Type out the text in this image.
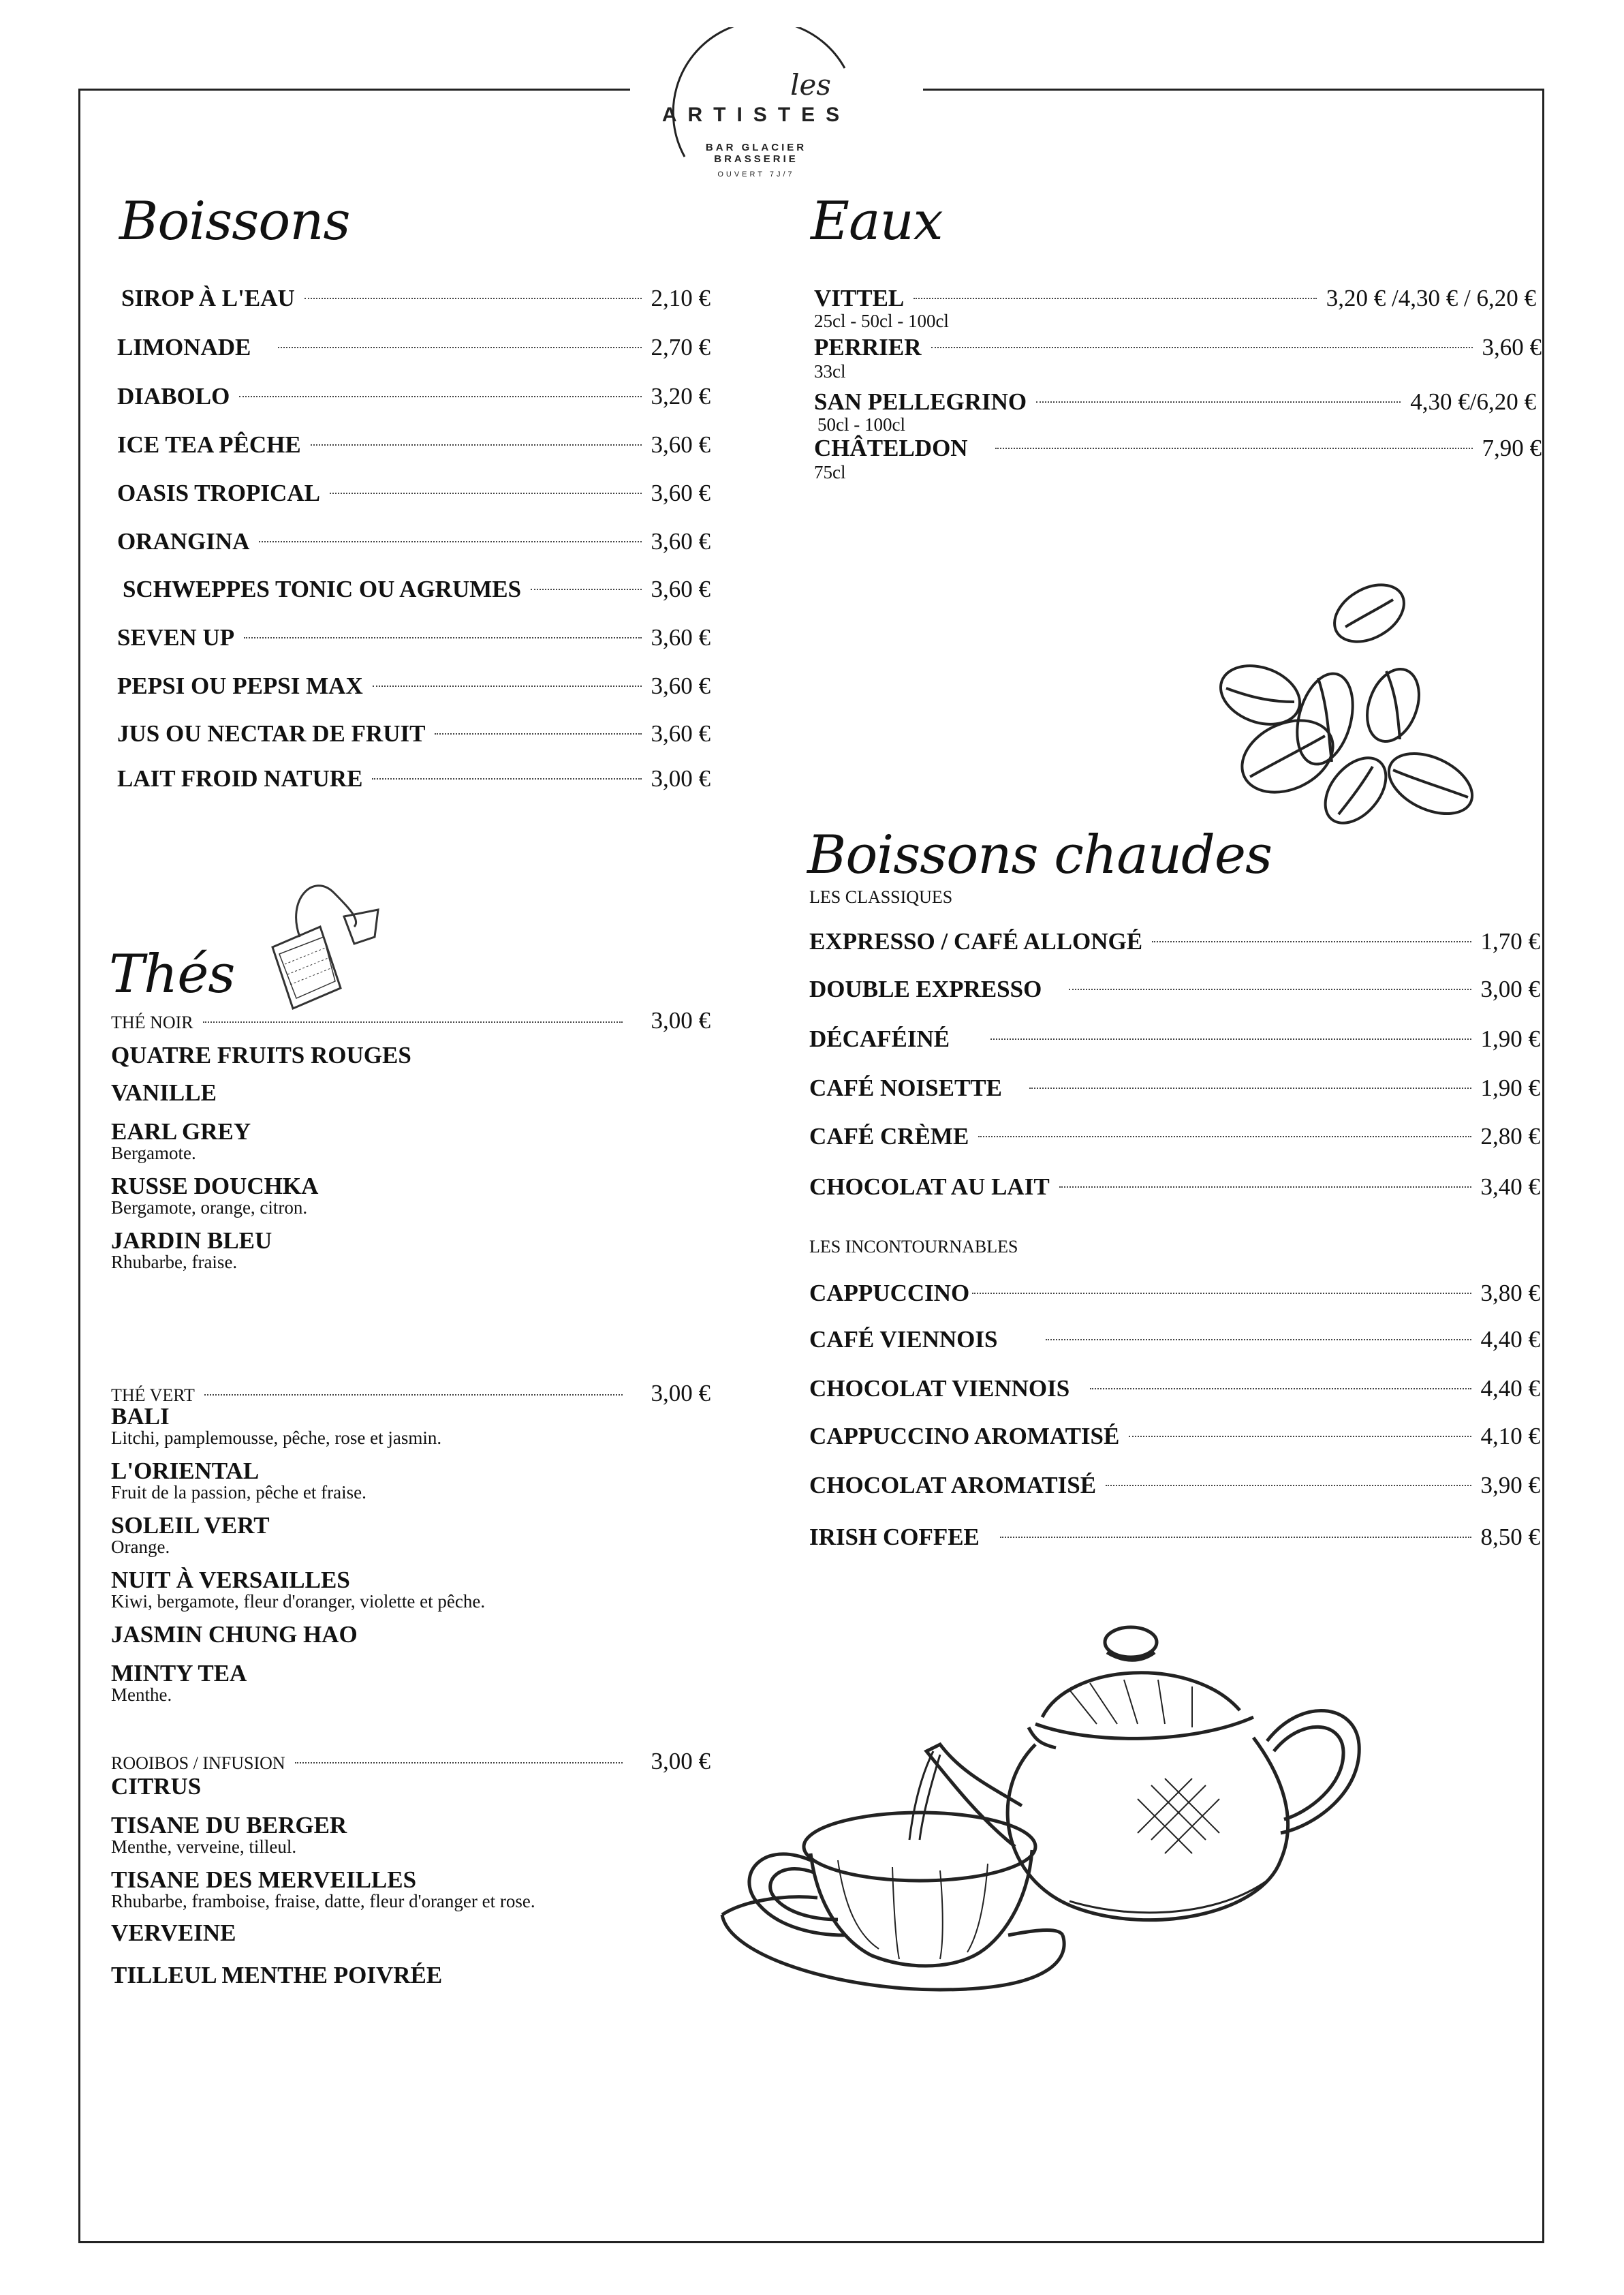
les
ARTISTES
BAR GLACIER
BRASSERIE
OUVERT 7J/7
Boissons
SIROP À L'EAU	2,10 €
LIMONADE	2,70 €
DIABOLO	3,20 €
ICE TEA PÊCHE	3,60 €
OASIS TROPICAL	3,60 €
ORANGINA	3,60 €
SCHWEPPES TONIC OU AGRUMES	3,60 €
SEVEN UP	3,60 €
PEPSI OU PEPSI MAX	3,60 €
JUS OU NECTAR DE FRUIT	3,60 €
LAIT FROID NATURE	3,00 €
Eaux
VITTEL	3,20 € /4,30 € / 6,20 €
25cl - 50cl - 100cl
PERRIER	3,60 €
33cl
SAN PELLEGRINO	4,30 €/6,20 €
50cl - 100cl
CHÂTELDON	7,90 €
75cl
Boissons chaudes
LES CLASSIQUES
EXPRESSO / CAFÉ ALLONGÉ	1,70 €
DOUBLE EXPRESSO	3,00 €
DÉCAFÉINÉ	1,90 €
CAFÉ NOISETTE	1,90 €
CAFÉ CRÈME	2,80 €
CHOCOLAT AU LAIT	3,40 €
LES INCONTOURNABLES
CAPPUCCINO	3,80 €
CAFÉ VIENNOIS	4,40 €
CHOCOLAT VIENNOIS	4,40 €
CAPPUCCINO AROMATISÉ	4,10 €
CHOCOLAT AROMATISÉ	3,90 €
IRISH COFFEE	8,50 €
Thés
THÉ NOIR	3,00 €
QUATRE FRUITS ROUGES
VANILLE
EARL GREY
Bergamote.
RUSSE DOUCHKA
Bergamote, orange, citron.
JARDIN BLEU
Rhubarbe, fraise.
THÉ VERT	3,00 €
BALI
Litchi, pamplemousse, pêche, rose et jasmin.
L'ORIENTAL
Fruit de la passion, pêche et fraise.
SOLEIL VERT
Orange.
NUIT À VERSAILLES
Kiwi, bergamote, fleur d'oranger, violette et pêche.
JASMIN CHUNG HAO
MINTY TEA
Menthe.
ROOIBOS / INFUSION	3,00 €
CITRUS
TISANE DU BERGER
Menthe, verveine, tilleul.
TISANE DES MERVEILLES
Rhubarbe, framboise, fraise, datte, fleur d'oranger et rose.
VERVEINE
TILLEUL MENTHE POIVRÉE
